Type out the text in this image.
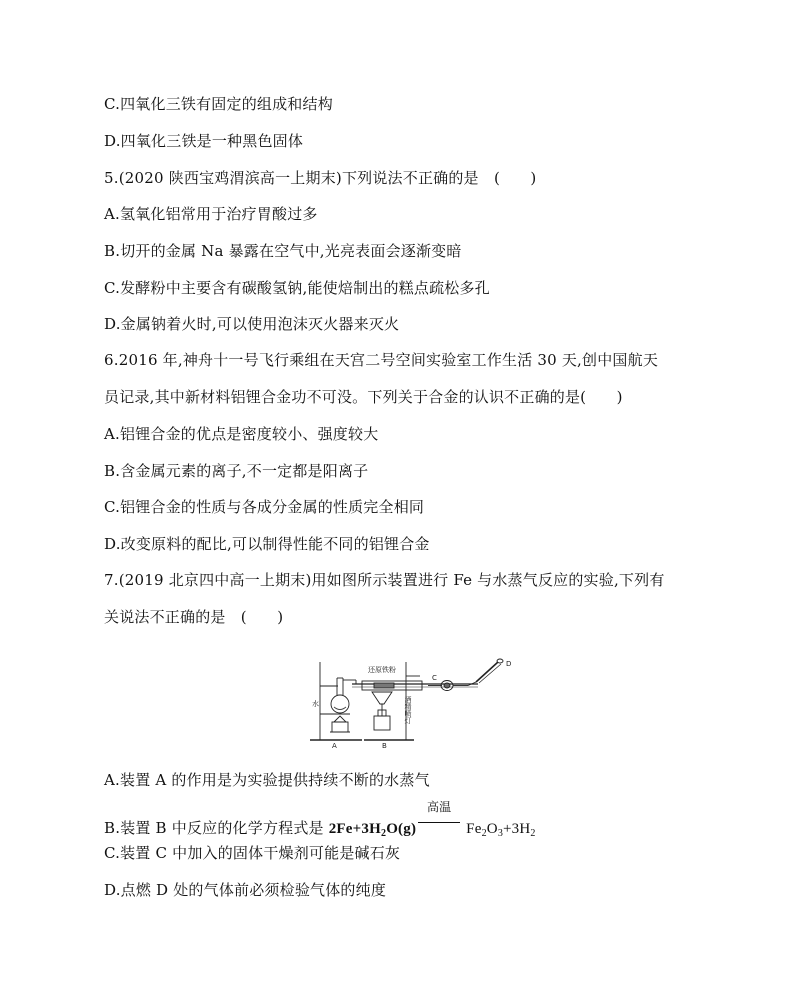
C.四氧化三铁有固定的组成和结构
D.四氧化三铁是一种黑色固体
5.(2020 陕西宝鸡渭滨高一上期末)下列说法不正确的是　(　　)
A.氢氧化铝常用于治疗胃酸过多
B.切开的金属 Na 暴露在空气中,光亮表面会逐渐变暗
C.发酵粉中主要含有碳酸氢钠,能使焙制出的糕点疏松多孔
D.金属钠着火时,可以使用泡沫灭火器来灭火
6.2016 年,神舟十一号飞行乘组在天宫二号空间实验室工作生活 30 天,创中国航天
员记录,其中新材料铝锂合金功不可没。下列关于合金的认识不正确的是(　　)
A.铝锂合金的优点是密度较小、强度较大
B.含金属元素的离子,不一定都是阳离子
C.铝锂合金的性质与各成分金属的性质完全相同
D.改变原料的配比,可以制得性能不同的铝锂合金
7.(2019 北京四中高一上期末)用如图所示装置进行 Fe 与水蒸气反应的实验,下列有
关说法不正确的是　(　　)
A	B
C
D
水
还原铁粉
酒精喷灯
A.装置 A 的作用是为实验提供持续不断的水蒸气
B.装置 B 中反应的化学方程式是 $2Fe+3H_2O(g)$
高温
$Fe_2O_3+3H_2$
C.装置 C 中加入的固体干燥剂可能是碱石灰
D.点燃 D 处的气体前必须检验气体的纯度
